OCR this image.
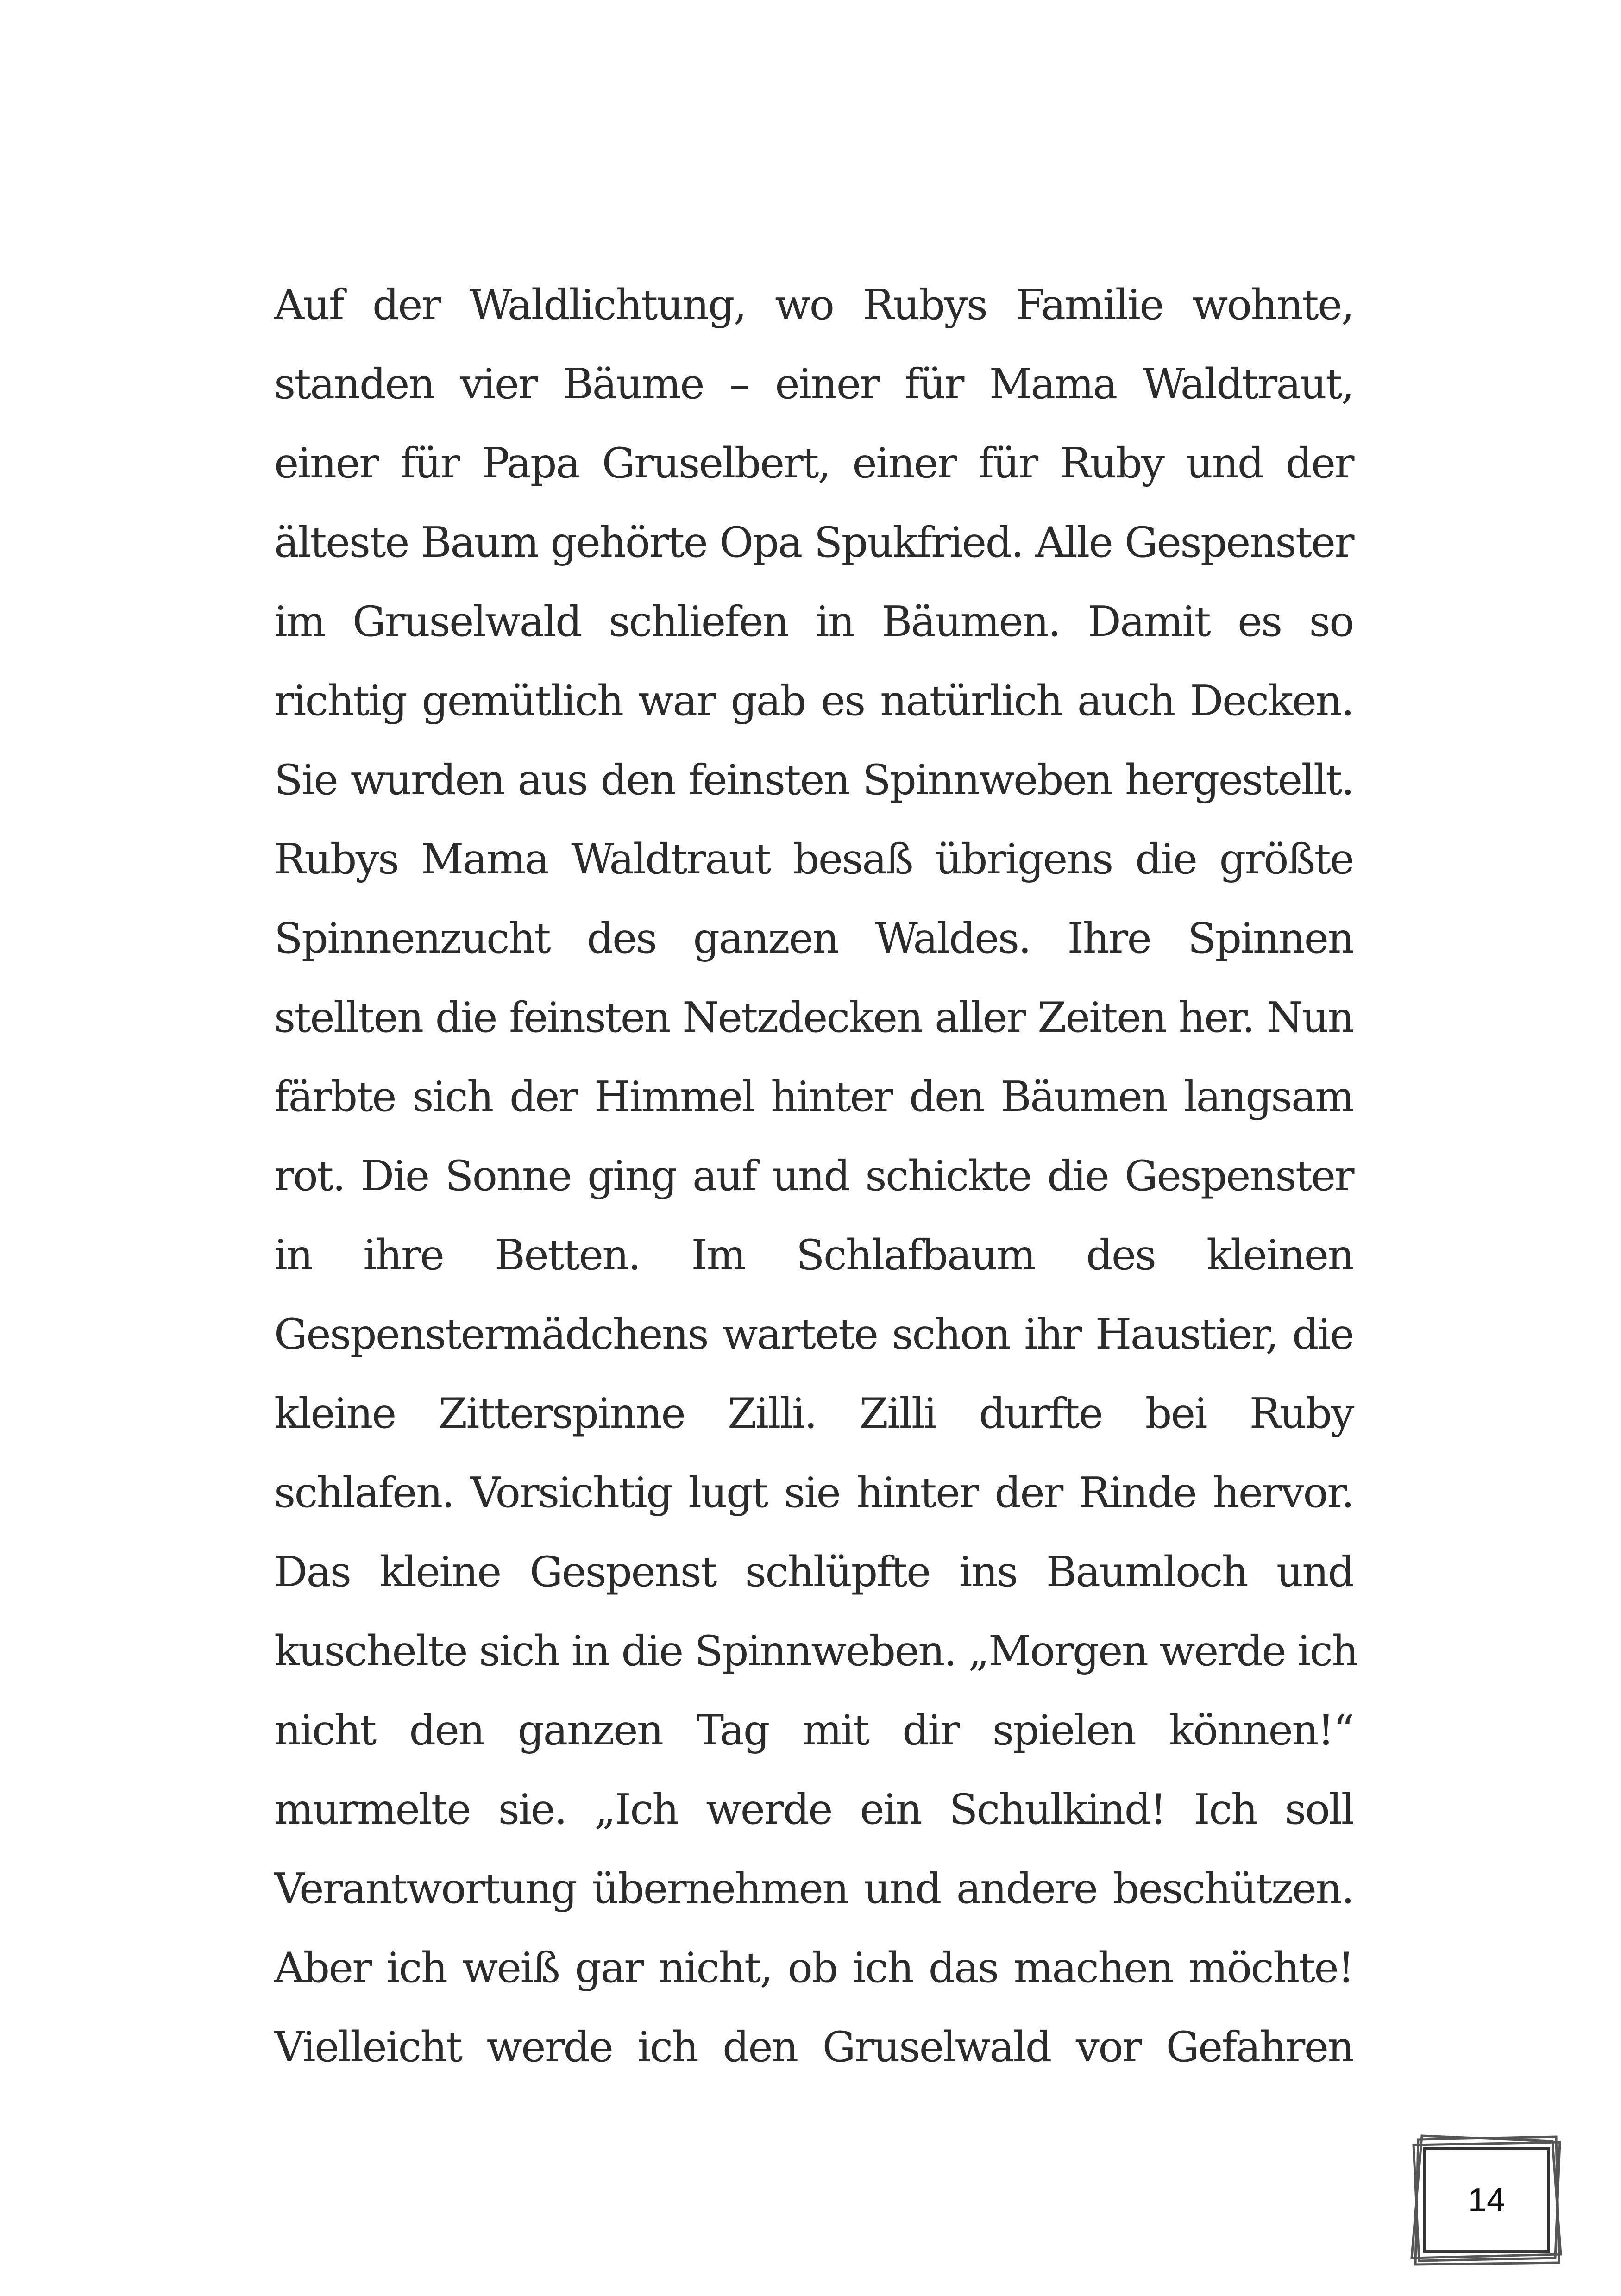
Auf der Waldlichtung, wo Rubys Familie wohnte,
standen vier Bäume – einer für Mama Waldtraut,
einer für Papa Gruselbert, einer für Ruby und der
älteste Baum gehörte Opa Spukfried. Alle Gespenster
im Gruselwald schliefen in Bäumen. Damit es so
richtig gemütlich war gab es natürlich auch Decken.
Sie wurden aus den feinsten Spinnweben hergestellt.
Rubys Mama Waldtraut besaß übrigens die größte
Spinnenzucht des ganzen Waldes. Ihre Spinnen
stellten die feinsten Netzdecken aller Zeiten her. Nun
färbte sich der Himmel hinter den Bäumen langsam
rot. Die Sonne ging auf und schickte die Gespenster
in ihre Betten. Im Schlafbaum des kleinen
Gespenstermädchens wartete schon ihr Haustier, die
kleine Zitterspinne Zilli. Zilli durfte bei Ruby
schlafen. Vorsichtig lugt sie hinter der Rinde hervor.
Das kleine Gespenst schlüpfte ins Baumloch und
kuschelte sich in die Spinnweben. „Morgen werde ich
nicht den ganzen Tag mit dir spielen können!“
murmelte sie. „Ich werde ein Schulkind! Ich soll
Verantwortung übernehmen und andere beschützen.
Aber ich weiß gar nicht, ob ich das machen möchte!
Vielleicht werde ich den Gruselwald vor Gefahren
14
